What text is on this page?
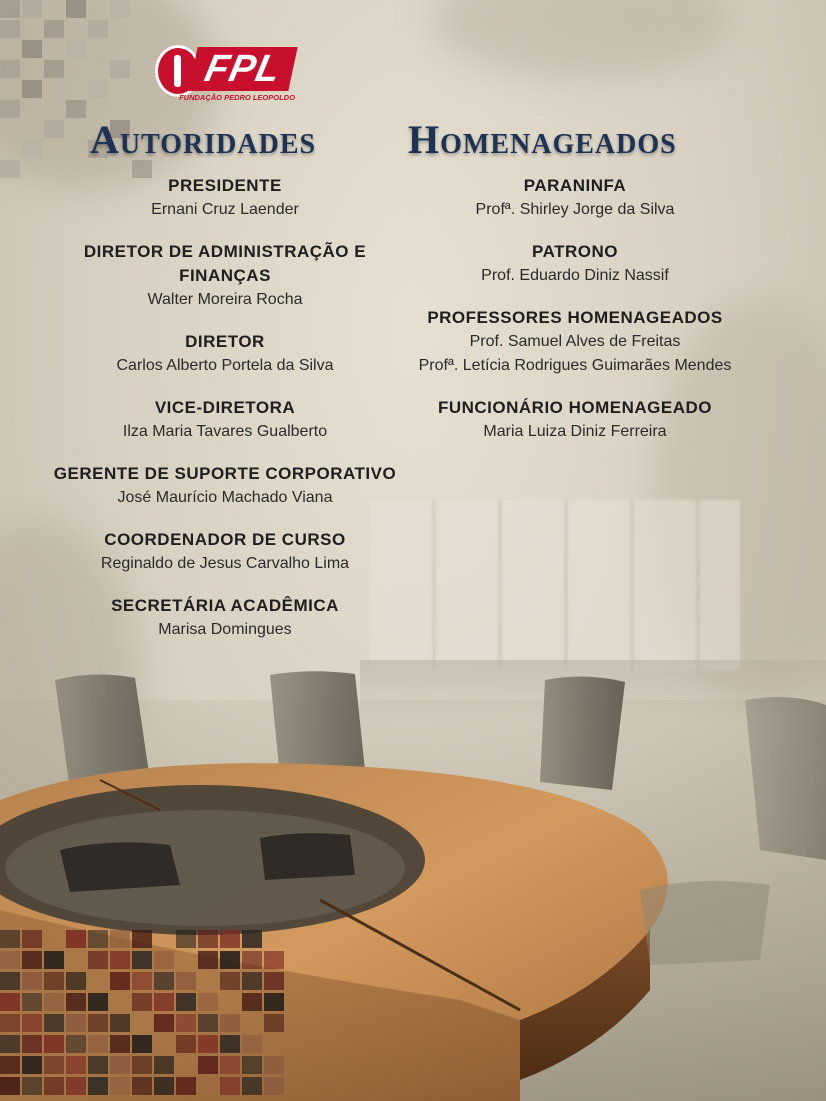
FPL
FUNDAÇÃO PEDRO LEOPOLDO
Autoridades Homenageados
PRESIDENTE
Ernani Cruz Laender
DIRETOR DE ADMINISTRAÇÃO E FINANÇAS
Walter Moreira Rocha
DIRETOR
Carlos Alberto Portela da Silva
VICE-DIRETORA
Ilza Maria Tavares Gualberto
GERENTE DE SUPORTE CORPORATIVO
José Maurício Machado Viana
COORDENADOR DE CURSO
Reginaldo de Jesus Carvalho Lima
SECRETÁRIA ACADÊMICA
Marisa Domingues
PARANINFA
Profª. Shirley Jorge da Silva
PATRONO
Prof. Eduardo Diniz Nassif
PROFESSORES HOMENAGEADOS
Prof. Samuel Alves de Freitas
Profª. Letícia Rodrigues Guimarães Mendes
FUNCIONÁRIO HOMENAGEADO
Maria Luiza Diniz Ferreira
